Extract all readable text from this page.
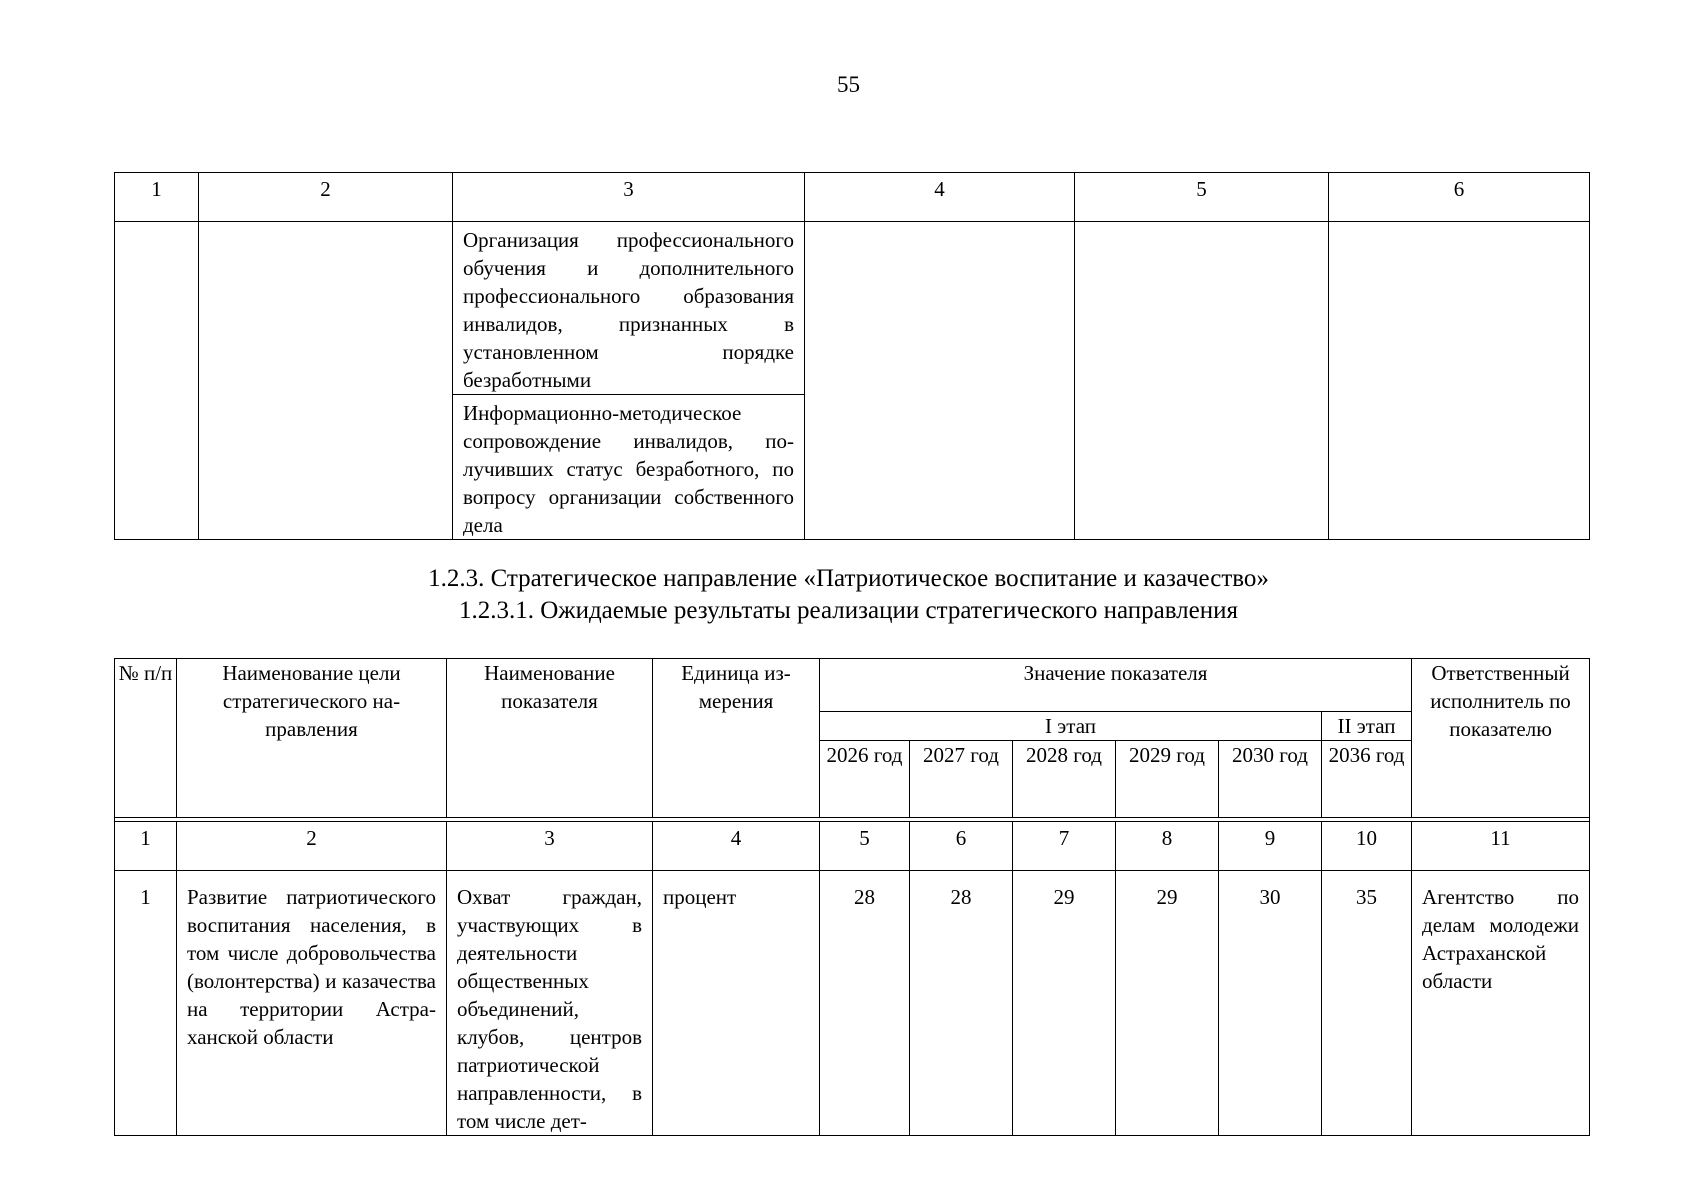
55
1	2	3	4	5	6
		Организация профессионального обучения и дополнительного профессионального образования инвалидов, признанных в установленном порядке безработными			
		Информационно-методическое сопровождение инвалидов, получивших статус безработного, по вопросу организации собственного дела			
1.2.3. Стратегическое направление «Патриотическое воспитание и казачество»
1.2.3.1. Ожидаемые результаты реализации стратегического направления
№ п/п	Наименование цели стратегического направления	Наименование показателя	Единица измерения	Значение показателя						Ответственный исполнитель по показателю
				I этап					II этап	
				2026 год	2027 год	2028 год	2029 год	2030 год	2036 год	

1	2	3	4	5	6	7	8	9	10	11
1	Развитие патриотического воспитания населения, в том числе добровольчества (волонтерства) и казачества на территории Астраханской области	Охват граждан, участвующих в деятельности общественных объединений, клубов, центров патриотической направленности, в том числе дет-	процент	28	28	29	29	30	35	Агентство по делам молодежи Астраханской области
